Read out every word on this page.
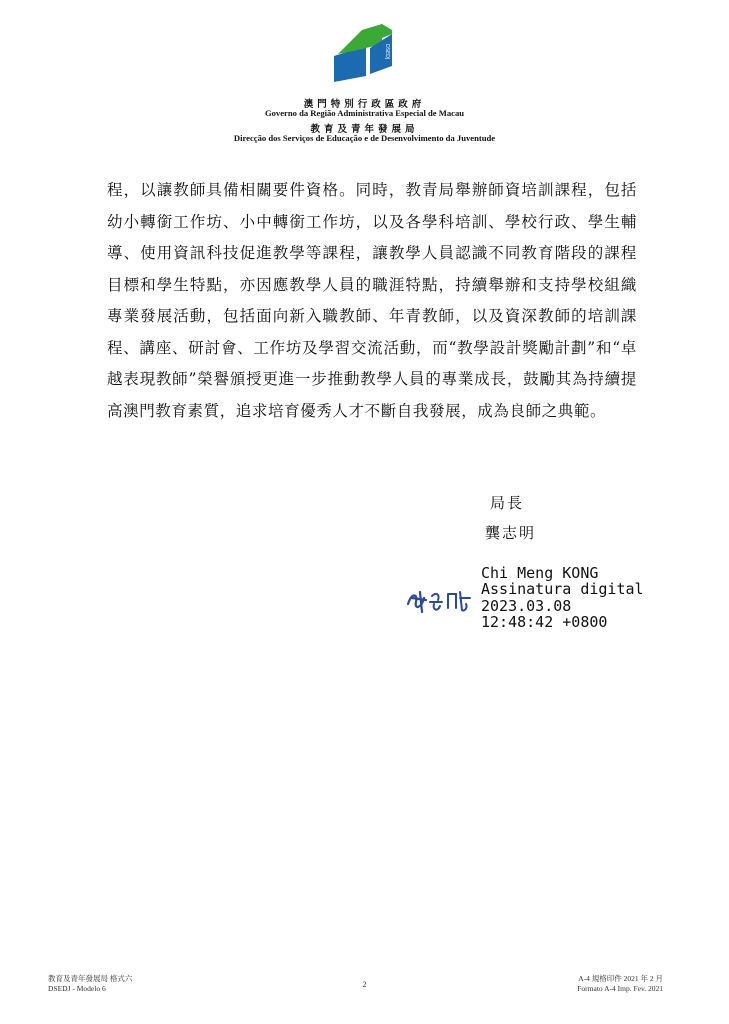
DSEDJ
澳門特別行政區政府
Governo da Região Administrativa Especial de Macau
教育及青年發展局
Direcção dos Serviços de Educação e de Desenvolvimento da Juventude
程，以讓教師具備相關要件資格。同時，教青局舉辦師資培訓課程，包括幼小轉銜工作坊、小中轉銜工作坊，以及各學科培訓、學校行政、學生輔導、使用資訊科技促進教學等課程，讓教學人員認識不同教育階段的課程目標和學生特點，亦因應教學人員的職涯特點，持續舉辦和支持學校組織專業發展活動，包括面向新入職教師、年青教師，以及資深教師的培訓課程、講座、研討會、工作坊及學習交流活動，而“教學設計獎勵計劃”和“卓越表現教師”榮譽頒授更進一步推動教學人員的專業成長，鼓勵其為持續提高澳門教育素質，追求培育優秀人才不斷自我發展，成為良師之典範。
局長
龔志明
Chi Meng KONG
Assinatura digital
2023.03.08
12:48:42 +0800
教育及青年發展局 格式六
DSEDJ - Modelo 6	2
A-4 規格印件 2021 年 2 月
Formato A-4 Imp. Fev. 2021
